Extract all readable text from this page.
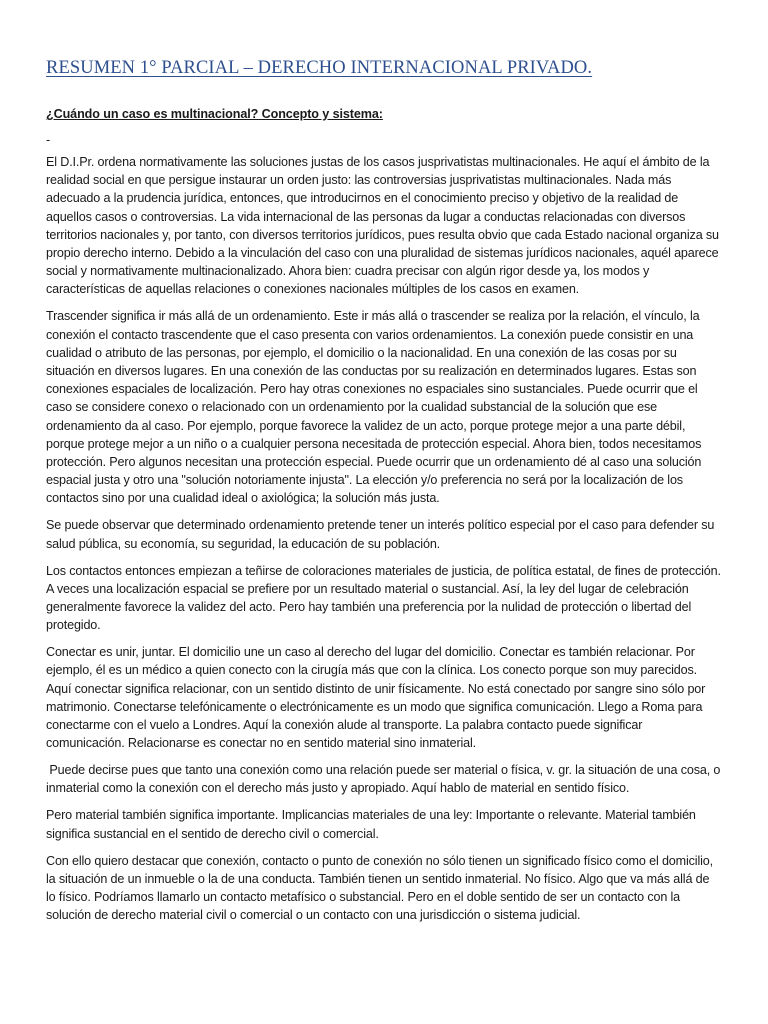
RESUMEN 1° PARCIAL – DERECHO INTERNACIONAL PRIVADO.
¿Cuándo un caso es multinacional? Concepto y sistema:
-

El D.I.Pr. ordena normativamente las soluciones justas de los casos jusprivatistas multinacionales. He aquí el ámbito de la realidad social en que persigue instaurar un orden justo: las controversias jusprivatistas multinacionales. Nada más adecuado a la prudencia jurídica, entonces, que introducirnos en el conocimiento preciso y objetivo de la realidad de aquellos casos o controversias. La vida internacional de las personas da lugar a conductas relacionadas con diversos territorios nacionales y, por tanto, con diversos territorios jurídicos, pues resulta obvio que cada Estado nacional organiza su propio derecho interno. Debido a la vinculación del caso con una pluralidad de sistemas jurídicos nacionales, aquél aparece social y normativamente multinacionalizado. Ahora bien: cuadra precisar con algún rigor desde ya, los modos y características de aquellas relaciones o conexiones nacionales múltiples de los casos en examen.

Trascender significa ir más allá de un ordenamiento. Este ir más allá o trascender se realiza por la relación, el vínculo, la conexión el contacto trascendente que el caso presenta con varios ordenamientos. La conexión puede consistir en una cualidad o atributo de las personas, por ejemplo, el domicilio o la nacionalidad. En una conexión de las cosas por su situación en diversos lugares. En una conexión de las conductas por su realización en determinados lugares. Estas son conexiones espaciales de localización. Pero hay otras conexiones no espaciales sino sustanciales. Puede ocurrir que el caso se considere conexo o relacionado con un ordenamiento por la cualidad substancial de la solución que ese ordenamiento da al caso. Por ejemplo, porque favorece la validez de un acto, porque protege mejor a una parte débil, porque protege mejor a un niño o a cualquier persona necesitada de protección especial. Ahora bien, todos necesitamos protección. Pero algunos necesitan una protección especial. Puede ocurrir que un ordenamiento dé al caso una solución espacial justa y otro una "solución notoriamente injusta". La elección y/o preferencia no será por la localización de los contactos sino por una cualidad ideal o axiológica; la solución más justa.

Se puede observar que determinado ordenamiento pretende tener un interés político especial por el caso para defender su salud pública, su economía, su seguridad, la educación de su población.

Los contactos entonces empiezan a teñirse de coloraciones materiales de justicia, de política estatal, de fines de protección. A veces una localización espacial se prefiere por un resultado material o sustancial. Así, la ley del lugar de celebración generalmente favorece la validez del acto. Pero hay también una preferencia por la nulidad de protección o libertad del protegido.

Conectar es unir, juntar. El domicilio une un caso al derecho del lugar del domicilio. Conectar es también relacionar. Por ejemplo, él es un médico a quien conecto con la cirugía más que con la clínica. Los conecto porque son muy parecidos. Aquí conectar significa relacionar, con un sentido distinto de unir físicamente. No está conectado por sangre sino sólo por matrimonio. Conectarse telefónicamente o electrónicamente es un modo que significa comunicación. Llego a Roma para conectarme con el vuelo a Londres. Aquí la conexión alude al transporte. La palabra contacto puede significar comunicación. Relacionarse es conectar no en sentido material sino inmaterial.

Puede decirse pues que tanto una conexión como una relación puede ser material o física, v. gr. la situación de una cosa, o inmaterial como la conexión con el derecho más justo y apropiado. Aquí hablo de material en sentido físico.

Pero material también significa importante. Implicancias materiales de una ley: Importante o relevante. Material también significa sustancial en el sentido de derecho civil o comercial.

Con ello quiero destacar que conexión, contacto o punto de conexión no sólo tienen un significado físico como el domicilio, la situación de un inmueble o la de una conducta. También tienen un sentido inmaterial. No físico. Algo que va más allá de lo físico. Podríamos llamarlo un contacto metafísico o substancial. Pero en el doble sentido de ser un contacto con la solución de derecho material civil o comercial o un contacto con una jurisdicción o sistema judicial.
